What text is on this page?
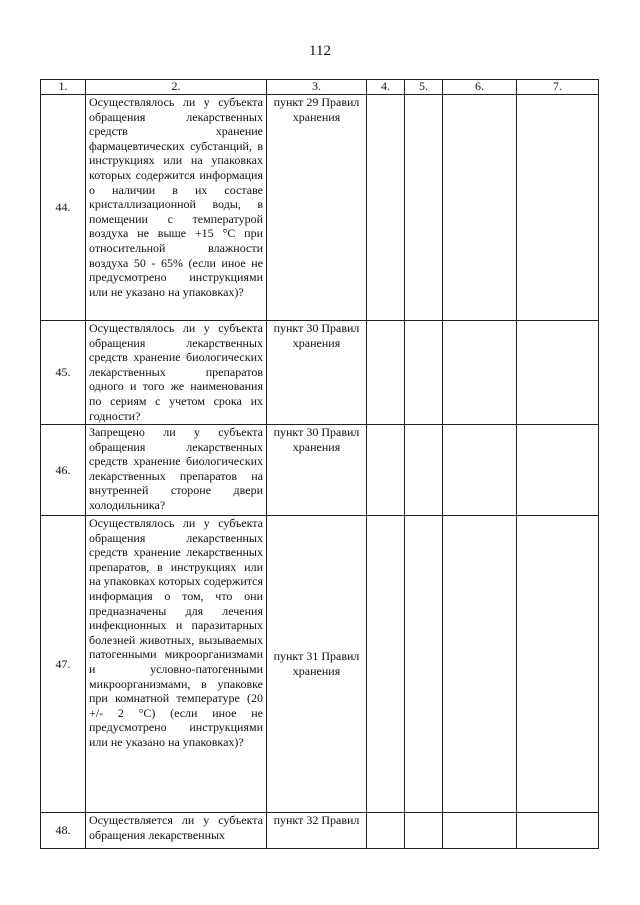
112
1.	2.	3.	4.	5.	6.	7.
44.	Осуществлялось ли у субъекта обращения лекарственных средств хранение фармацевтических субстанций, в инструкциях или на упаковках которых содержится информация о наличии в их составе кристаллизационной воды, в помещении с температурой воздуха не выше +15 °C при относительной влажности воздуха 50 - 65% (если иное не предусмотрено инструкциями или не указано на упаковках)?	пункт 29 Правил хранения				
45.	Осуществлялось ли у субъекта обращения лекарственных средств хранение биологических лекарственных препаратов одного и того же наименования по сериям с учетом срока их годности?	пункт 30 Правил хранения				
46.	Запрещено ли у субъекта обращения лекарственных средств хранение биологических лекарственных препаратов на внутренней стороне двери холодильника?	пункт 30 Правил хранения				
47.	Осуществлялось ли у субъекта обращения лекарственных средств хранение лекарственных препаратов, в инструкциях или на упаковках которых содержится информация о том, что они предназначены для лечения инфекционных и паразитарных болезней животных, вызываемых патогенными микроорганизмами и условно-патогенными микроорганизмами, в упаковке при комнатной температуре (20 +/- 2 °C) (если иное не предусмотрено инструкциями или не указано на упаковках)?	пункт 31 Правил хранения				
48.	Осуществляется ли у субъекта обращения лекарственных	пункт 32 Правил				
